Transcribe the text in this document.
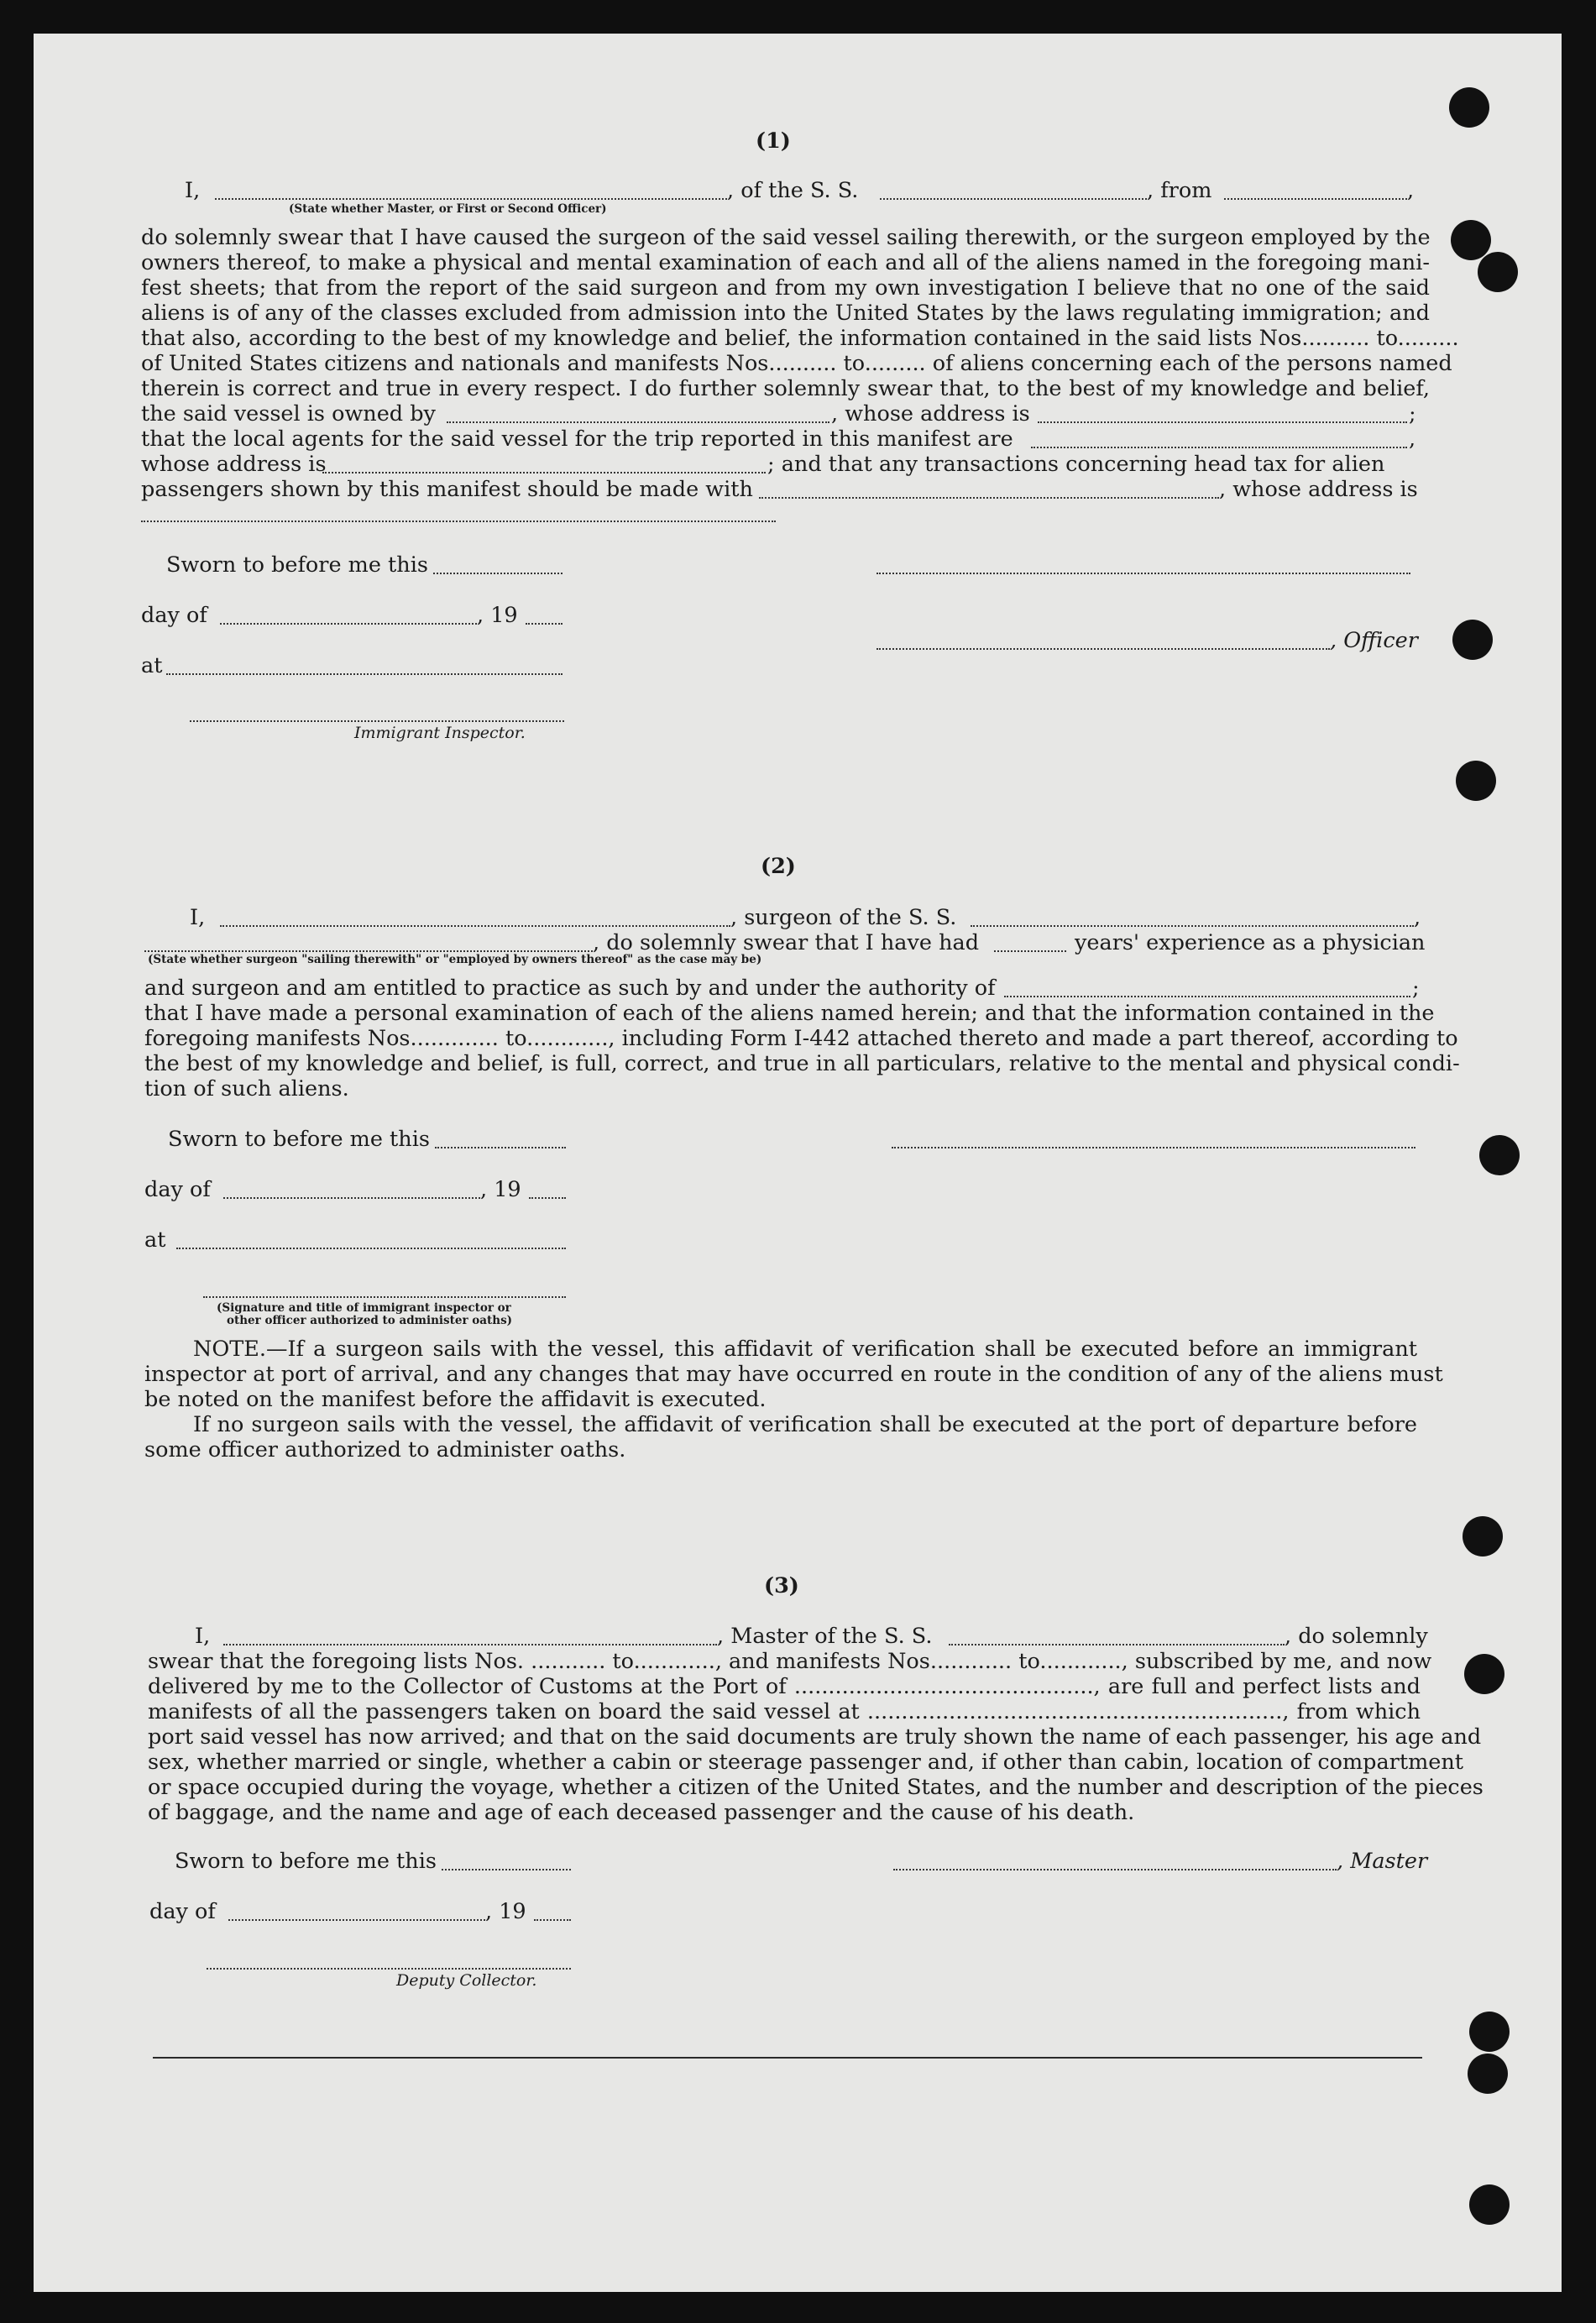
(1)
I,	, of the S. S.	, from	,
(State whether Master, or First or Second Officer)
do solemnly swear that I have caused the surgeon of the said vessel sailing therewith, or the surgeon employed by the
owners thereof, to make a physical and mental examination of each and all of the aliens named in the foregoing mani-
fest sheets; that from the report of the said surgeon and from my own investigation I believe that no one of the said
aliens is of any of the classes excluded from admission into the United States by the laws regulating immigration; and
that also, according to the best of my knowledge and belief, the information contained in the said lists Nos.......... to.........
of United States citizens and nationals and manifests Nos.......... to......... of aliens concerning each of the persons named
therein is correct and true in every respect. I do further solemnly swear that, to the best of my knowledge and belief,
the said vessel is owned by	, whose address is	;
that the local agents for the said vessel for the trip reported in this manifest are	,
whose address is	; and that any transactions concerning head tax for alien
passengers shown by this manifest should be made with	, whose address is
Sworn to before me this
day of	, 19
, Officer
at
Immigrant Inspector.
(2)
I,	, surgeon of the S. S.	,
, do solemnly swear that I have had	years' experience as a physician
(State whether surgeon "sailing therewith" or "employed by owners thereof" as the case may be)
and surgeon and am entitled to practice as such by and under the authority of	;
that I have made a personal examination of each of the aliens named herein; and that the information contained in the
foregoing manifests Nos............. to............, including Form I-442 attached thereto and made a part thereof, according to
the best of my knowledge and belief, is full, correct, and true in all particulars, relative to the mental and physical condi-
tion of such aliens.
Sworn to before me this
day of	, 19
at
(Signature and title of immigrant inspector or
other officer authorized to administer oaths)
NOTE.—If a surgeon sails with the vessel, this affidavit of verification shall be executed before an immigrant
inspector at port of arrival, and any changes that may have occurred en route in the condition of any of the aliens must
be noted on the manifest before the affidavit is executed.
If no surgeon sails with the vessel, the affidavit of verification shall be executed at the port of departure before
some officer authorized to administer oaths.
(3)
I,	, Master of the S. S.	, do solemnly
swear that the foregoing lists Nos. ........... to............, and manifests Nos............ to............, subscribed by me, and now
delivered by me to the Collector of Customs at the Port of ............................................, are full and perfect lists and
manifests of all the passengers taken on board the said vessel at ............................................................., from which
port said vessel has now arrived; and that on the said documents are truly shown the name of each passenger, his age and
sex, whether married or single, whether a cabin or steerage passenger and, if other than cabin, location of compartment
or space occupied during the voyage, whether a citizen of the United States, and the number and description of the pieces
of baggage, and the name and age of each deceased passenger and the cause of his death.
Sworn to before me this	, Master
day of	, 19
Deputy Collector.
